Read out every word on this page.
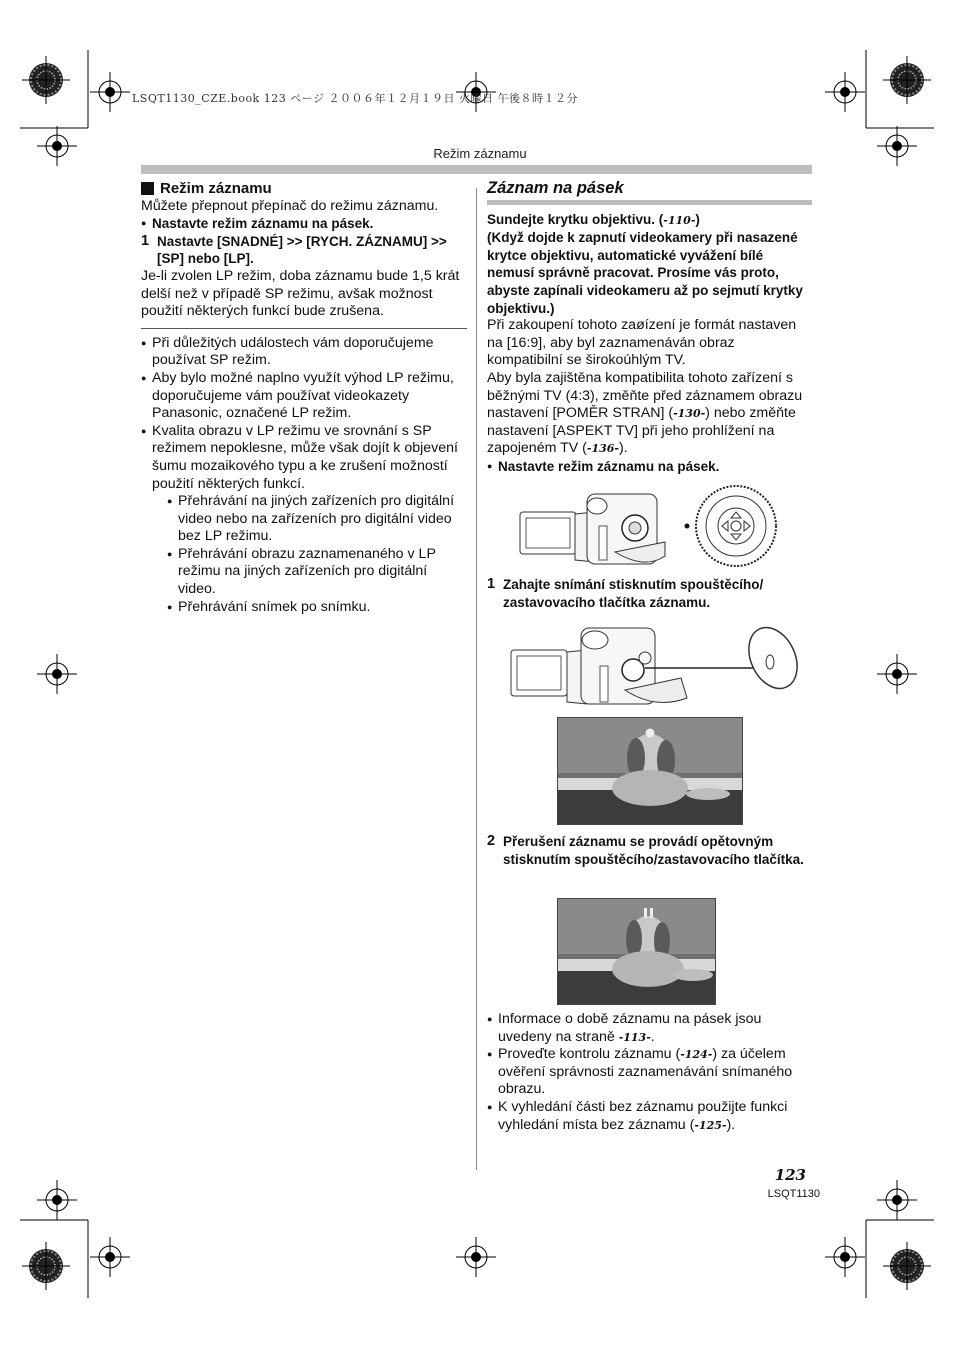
LSQT1130_CZE.book 123 ページ ２００６年１２月１９日 火曜日 午後８時１２分
Režim záznamu
Režim záznamu

Můžete přepnout přepínač do režimu záznamu.

● Nastavte režim záznamu na pásek.

1 Nastavte [SNADNÉ] >> [RYCH. ZÁZNAMU] >> [SP] nebo [LP].

Je-li zvolen LP režim, doba záznamu bude 1,5 krát delší než v případě SP režimu, avšak možnost použití některých funkcí bude zrušena.

● Při důležitých událostech vám doporučujeme používat SP režim.

● Aby bylo možné naplno využít výhod LP režimu, doporučujeme vám používat videokazety Panasonic, označené LP režim.

● Kvalita obrazu v LP režimu ve srovnání s SP režimem nepoklesne, může však dojít k objevení šumu mozaikového typu a ke zrušení možností použití některých funkcí.

● Přehrávání na jiných zařízeních pro digitální video nebo na zařízeních pro digitální video bez LP režimu.

● Přehrávání obrazu zaznamenaného v LP režimu na jiných zařízeních pro digitální video.

● Přehrávání snímek po snímku.

Záznam na pásek

Sundejte krytku objektivu. (-110-)

(Když dojde k zapnutí videokamery při nasazené krytce objektivu, automatické vyvážení bílé nemusí správně pracovat. Prosíme vás proto, abyste zapínali videokameru až po sejmutí krytky objektivu.)

Při zakoupení tohoto zaøízení je formát nastaven na [16:9], aby byl zaznamenáván obraz kompatibilní se širokoúhlým TV.

Aby byla zajištěna kompatibilita tohoto zařízení s běžnými TV (4:3), změňte před záznamem obrazu nastavení [POMĚR STRAN] (-130-) nebo změňte nastavení [ASPEKT TV] při jeho prohlížení na zapojeném TV (-136-).

● Nastavte režim záznamu na pásek.

1 Zahajte snímání stisknutím spouštěcího/ zastavovacího tlačítka záznamu.
2 Přerušení záznamu se provádí opětovným stisknutím spouštěcího/zastavovacího tlačítka.

● Informace o době záznamu na pásek jsou uvedeny na straně -113-.

● Proveďte kontrolu záznamu (-124-) za účelem ověření správnosti zaznamenávání snímaného obrazu.

● K vyhledání části bez záznamu použijte funkci vyhledání místa bez záznamu (-125-).

123
LSQT1130
